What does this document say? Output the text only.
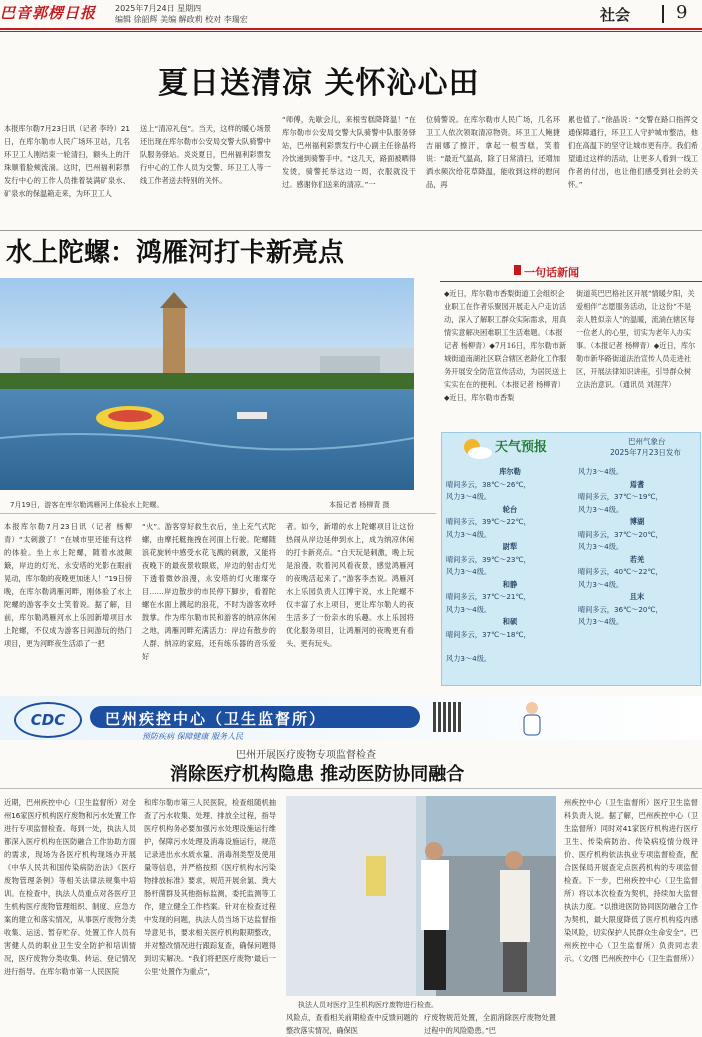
巴音郭楞日报 2025年7月24日 星期四
编辑 徐韶辉 美编 解政莉 校对 李瑞宏	社会	9
夏日送清凉 关怀沁心田
本报库尔勒7月23日讯（记者 李玲）21日，在库尔勒市人民广场环卫站，几名环卫工人刚结束一轮清扫，额头上的汗珠顺着脸颊流淌。这时，巴州福利彩票发行中心的工作人员推着装满矿泉水、矿泉水的保温箱走来，为环卫工人
送上“清凉礼包”。当天，这样的暖心场景还出现在库尔勒市公安局交警大队骑警中队服务驿站。炎炎夏日，巴州福利彩票发行中心的工作人员为交警、环卫工人等一线工作者送去特别的关怀。
“师傅，先歇会儿，来根雪糕降降温！”在库尔勒市公安局交警大队骑警中队服务驿站，巴州福利彩票发行中心副主任徐晶将冷饮递到骑警手中。“这几天，路面被晒得发烫，骑警托举这边一周，衣服就没干过。感谢你们送来的清凉。”一
位骑警说。在库尔勒市人民广场，几名环卫工人依次领取清凉物资。环卫工人鲍捷吉丽娜了擦汗，拿起一根雪糕，笑着说：“最近气温高，除了日常清扫，还增加洒水频次给花草降温，能收到这样的慰问品，再
累也值了。”徐晶说：“交警在路口指挥交通保障通行，环卫工人守护城市整洁，他们在高温下的坚守让城市更有序。我们希望通过这样的活动，让更多人看到一线工作者的付出，也让他们感受到社会的关怀。”
水上陀螺：鸿雁河打卡新亮点
7月19日，游客在库尔勒鸿雁河上体验水上陀螺。	本报记者 杨柳青 摄
本报库尔勒7月23日讯（记者 杨柳青）“太刺激了！”在城市里还能有这样的体验。坐上水上陀螺，随着水波颠簸，岸边的灯光、永安塔的光影在眼前晃动，库尔勒的夜晚更加迷人！”19日傍晚，在库尔勒鸿雁河畔，刚体验了水上陀螺的游客李女士笑着说。据了解，目前，库尔勒鸿雁河水上乐园新增项目水上陀螺，不仅成为游客日间游玩的热门项目，更为河畔夜生活添了一把
“火”。游客穿好救生衣后，坐上充气式陀螺，由摩托艇拖拽在河面上行驶。陀螺随浪花旋转中感受水花飞溅的刺激，又能将夜晚下的最夜景收眼底，岸边的射击灯光下透着微妙浪漫，永安塔的灯火璀璨夺目……岸边散步的市民停下脚步，看着陀螺在水面上溅起的浪花，不时为游客欢呼鼓掌。作为库尔勒市民和游客的纳凉休闲之地，鸿雁河畔充满活力：岸边有散步的人群、纳凉的家庭，还有练乐器的音乐爱好
者。如今，新增的水上陀螺项目让这份热闹从岸边延伸到水上，成为纳凉休闲的打卡新亮点。“白天玩是刺激，晚上玩是浪漫。吹着河风看夜景，感觉鸿雁河的夜晚活起来了。”游客李杰说。鸿雁河水上乐园负责人江博宇说，水上陀螺不仅丰富了水上项目，更让库尔勒人的夜生活多了一份亲水的乐趣。水上乐园将优化服务项目，让鸿雁河的夜晚更有看头、更有玩头。
一句话新闻
◆近日，库尔勒市香梨街道工会组织企业职工在作者乐聚园开展走入户走访活动，深入了解职工群众实际需求，用真情实意解决困难职工生活难题。（本报记者 杨柳青）◆7月16日，库尔勒市新城街道南湖社区联合辖区老龄化工作服务开展安全防范宣传活动，为居民送上实实在在的便利。（本报记者 杨柳青）◆近日，库尔勒市香梨
街道英巴巴格社区开展“情暖夕阳，关爱相伴”志愿服务活动，让这份“不是亲人胜似亲人”的温暖，流淌在辖区每一位老人的心里，切实为老年人办实事。（本报记者 杨柳青）◆近日，库尔勒市新华路街道法治宣传人员走进社区，开展法律知识讲座，引导群众树立法治意识。（通讯员 刘涯萍）
天气预报	巴州气象台
2025年7月23日发布
库尔勒
晴间多云，38℃～26℃，
风力3～4级。
轮台
晴间多云，39℃～22℃，
风力3～4级。
尉犁
晴间多云，39℃～23℃，
风力3～4级。
和静
晴间多云，37℃～21℃，
风力3～4级。
和硕
晴间多云，37℃～18℃，
风力3～4级。
焉耆
晴间多云，37℃～19℃，
风力3～4级。
博湖
晴间多云，37℃～20℃，
风力3～4级。
若羌
晴间多云，40℃～22℃，
风力3～4级。
且末
晴间多云，36℃～20℃，
风力3～4级。
风力3～4级。
CDC	巴州疾控中心（卫生监督所）
预防疾病 保障健康 服务人民
巴州开展医疗废物专项监督检查
消除医疗机构隐患 推动医防协同融合
近期，巴州疾控中心（卫生监督所）对全州16家医疗机构医疗废物和污水处置工作进行专项监督检查。每到一处，执法人员都深入医疗机构在医防融合工作协助方面的需求，现场为各医疗机构现场办开展《中华人民共和国传染病防治法》《医疗废物管理条例》等相关法律法规集中培训。在检查中，执法人员重点对各医疗卫生机构医疗废物管理组织、制度、应急方案的建立和落实情况，从事医疗废物分类收集、运送、暂存贮存、处置工作人员有害健人员的职业卫生安全防护和培训情况，医疗废物分类收集、转运、登记情况进行指导。在库尔勒市第一人民医院
和库尔勒市第三人民医院，检查组随机抽查了污水收集、处理、排放全过程，指导医疗机构务必要加强污水处理设施运行维护，保障污水处理及消毒设施运行，规范记录进出水水质水量、消毒剂类型及使用量等信息，并严格按照《医疗机构水污染物排放标准》要求，规范开展余氯、粪大肠杆菌群及其他指标监测，委托监测等工作，建立健全工作档案。针对在检查过程中发现的问题，执法人员当场下达监督指导意见书，要求相关医疗机构限期整改，并对整改情况进行跟踪复查，确保问题得到切实解决。“我们将把医疗废物‘最后一公里’处置作为重点”，
执法人员对医疗卫生机构医疗废物进行检查。
风险点，查看相关前期检查中反馈问题的整改落实情况，确保医
疗废物规范处置，全面消除医疗废物处置过程中的风险隐患。”巴
州疾控中心（卫生监督所）医疗卫生监督科负责人说。据了解，巴州疾控中心（卫生监督所）同时对41家医疗机构进行医疗卫生、传染病防治、传染病疫情分级评价、医疗机构依法执业专项监督检查，配合医保局开展查定点医药机构的专项监督检查。下一步，巴州疾控中心（卫生监督所）将以本次检查为契机，持续加大监督执法力度。“以推进医防协同医防融合工作为契机，最大限度降低了医疗机构疫内感染风险，切实保护人民群众生命安全”。巴州疾控中心（卫生监督所）负责同志表示。（文/图 巴州疾控中心（卫生监督所））
